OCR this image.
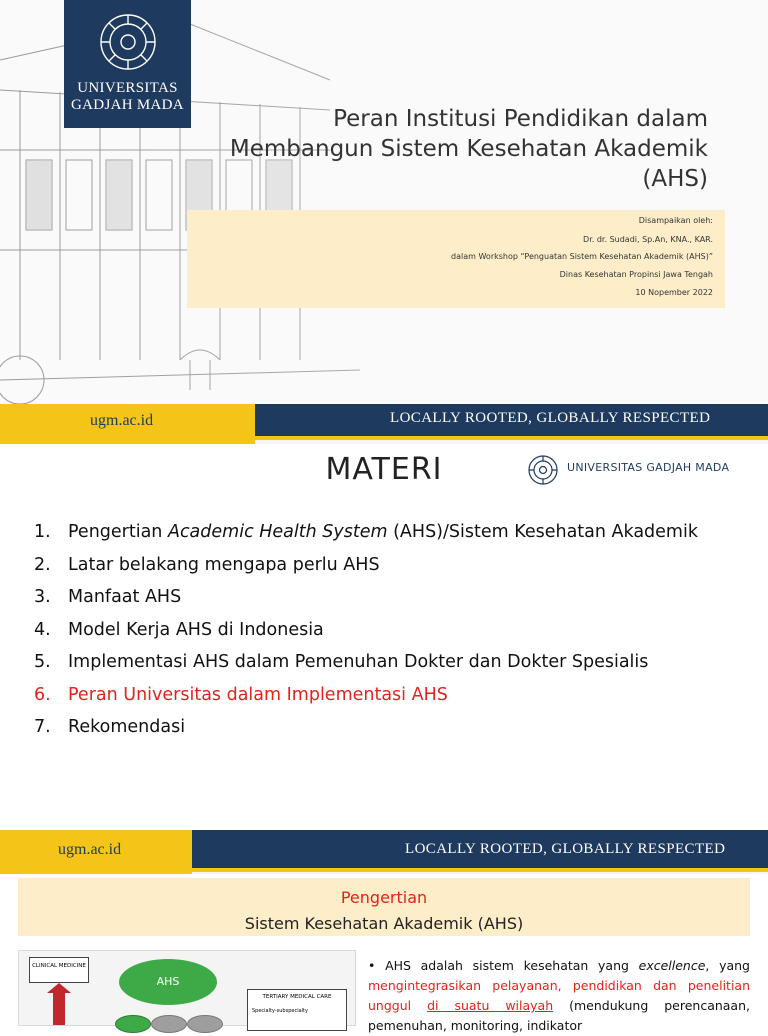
UNIVERSITAS
GADJAH MADA
Peran Institusi Pendidikan dalam
Membangun Sistem Kesehatan Akademik
(AHS)
Disampaikan oleh:
Dr. dr. Sudadi, Sp.An, KNA., KAR.
dalam Workshop “Penguatan Sistem Kesehatan Akademik (AHS)”
Dinas Kesehatan Propinsi Jawa Tengah
10 Nopember 2022
ugm.ac.id	LOCALLY ROOTED, GLOBALLY RESPECTED
MATERI	UNIVERSITAS GADJAH MADA
1. Pengertian Academic Health System (AHS)/Sistem Kesehatan Akademik
2. Latar belakang mengapa perlu AHS
3. Manfaat AHS
4. Model Kerja AHS di Indonesia
5. Implementasi AHS dalam Pemenuhan Dokter dan Dokter Spesialis
6. Peran Universitas dalam Implementasi AHS
7. Rekomendasi
ugm.ac.id	LOCALLY ROOTED, GLOBALLY RESPECTED
Pengertian
Sistem Kesehatan Akademik (AHS)
CLINICAL MEDICINE
AHS
TERTIARY MEDICAL CARE
Specialty-subspecialty
• AHS adalah sistem kesehatan yang excellence, yang mengintegrasikan pelayanan, pendidikan dan penelitian unggul di suatu wilayah (mendukung perencanaan, pemenuhan, monitoring, indikator
